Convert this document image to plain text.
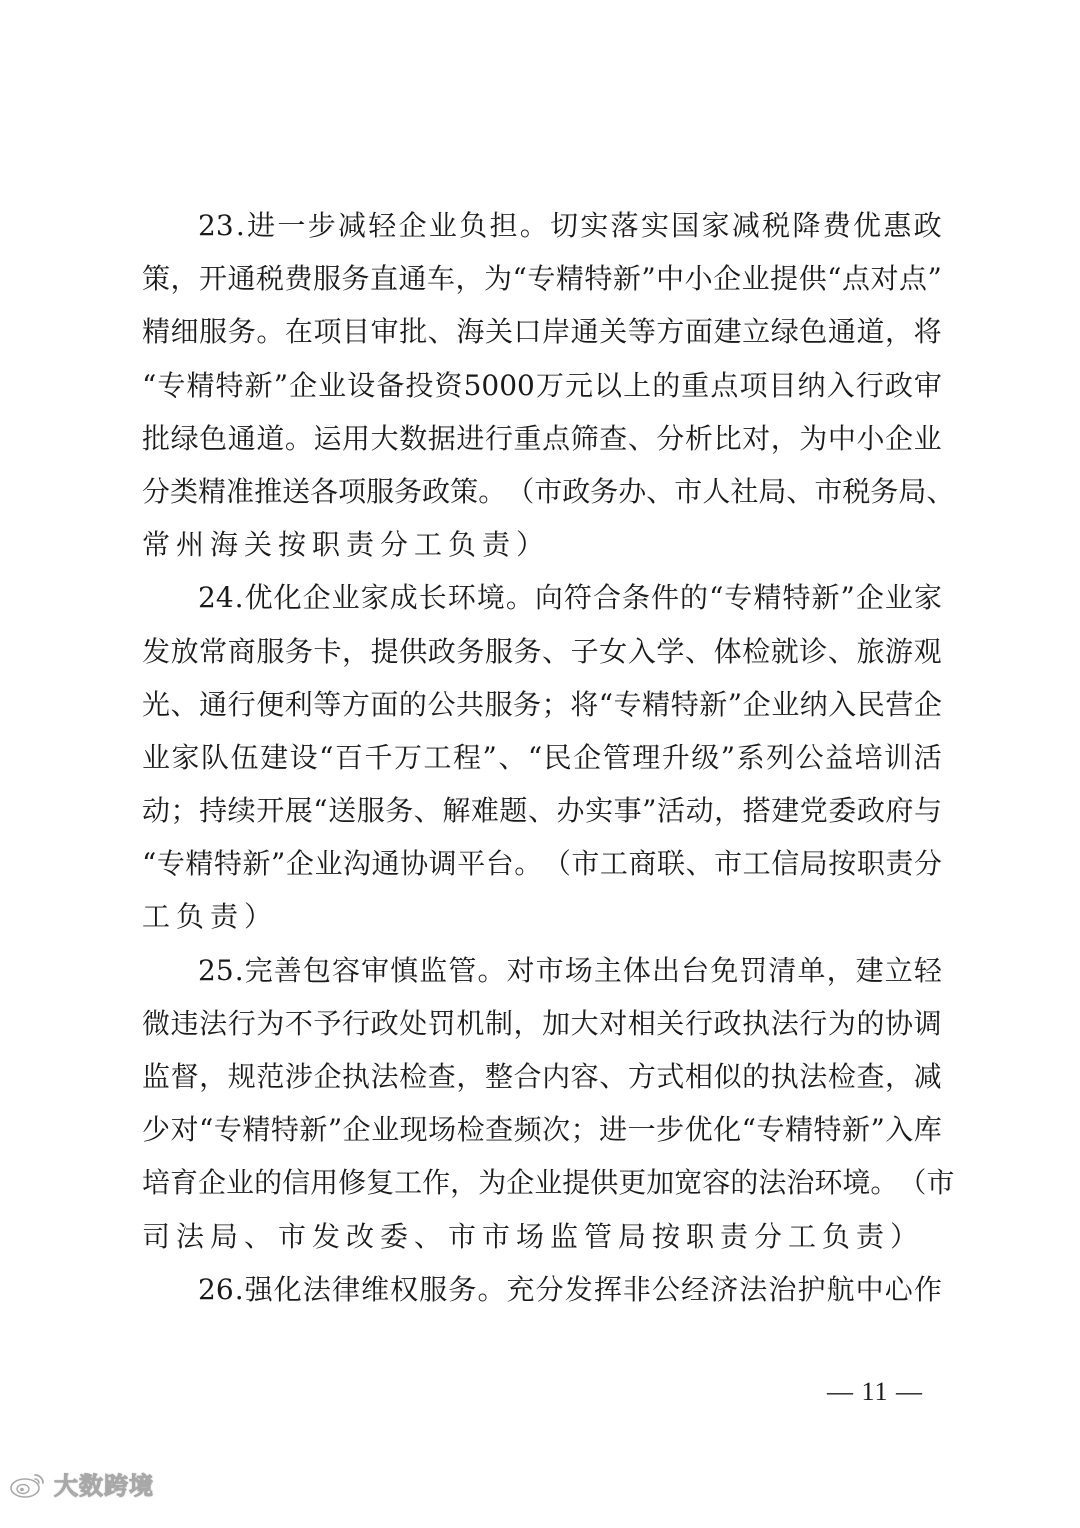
23 . 进 一 步 减 轻 企 业 负 担 。 切 实 落 实 国 家 减 税 降 费 优 惠 政
策 ， 开 通 税 费 服 务 直 通 车 ， 为 “ 专 精 特 新 ” 中 小 企 业 提 供 “ 点 对 点 ”
精 细 服 务 。 在 项 目 审 批 、 海 关 口 岸 通 关 等 方 面 建 立 绿 色 通 道 ， 将
“ 专 精 特 新 ” 企 业 设 备 投 资 5000 万 元 以 上 的 重 点 项 目 纳 入 行 政 审
批 绿 色 通 道 。 运 用 大 数 据 进 行 重 点 筛 查 、 分 析 比 对 ， 为 中 小 企 业
分 类 精 准 推 送 各 项 服 务 政 策 。 （ 市 政 务 办 、 市 人 社 局 、 市 税 务 局 、
常州海关按职责分工负责）
24 . 优 化 企 业 家 成 长 环 境 。 向 符 合 条 件 的 “ 专 精 特 新 ” 企 业 家
发 放 常 商 服 务 卡 ， 提 供 政 务 服 务 、 子 女 入 学 、 体 检 就 诊 、 旅 游 观
光 、 通 行 便 利 等 方 面 的 公 共 服 务 ； 将 “ 专 精 特 新 ” 企 业 纳 入 民 营 企
业 家 队 伍 建 设 “ 百 千 万 工 程 ” 、 “ 民 企 管 理 升 级 ” 系 列 公 益 培 训 活
动 ； 持 续 开 展 “ 送 服 务 、 解 难 题 、 办 实 事 ” 活 动 ， 搭 建 党 委 政 府 与
“ 专 精 特 新 ” 企 业 沟 通 协 调 平 台 。 （ 市 工 商 联 、 市 工 信 局 按 职 责 分
工负责）
25 . 完 善 包 容 审 慎 监 管 。 对 市 场 主 体 出 台 免 罚 清 单 ， 建 立 轻
微 违 法 行 为 不 予 行 政 处 罚 机 制 ， 加 大 对 相 关 行 政 执 法 行 为 的 协 调
监 督 ， 规 范 涉 企 执 法 检 查 ， 整 合 内 容 、 方 式 相 似 的 执 法 检 查 ， 减
少 对 “ 专 精 特 新 ” 企 业 现 场 检 查 频 次 ； 进 一 步 优 化 “ 专 精 特 新 ” 入 库
培 育 企 业 的 信 用 修 复 工 作 ， 为 企 业 提 供 更 加 宽 容 的 法 治 环 境 。 （ 市
司法局、市发改委、市市场监管局按职责分工负责）
26 . 强 化 法 律 维 权 服 务 。 充 分 发 挥 非 公 经 济 法 治 护 航 中 心 作
— 11 —
大数跨境
